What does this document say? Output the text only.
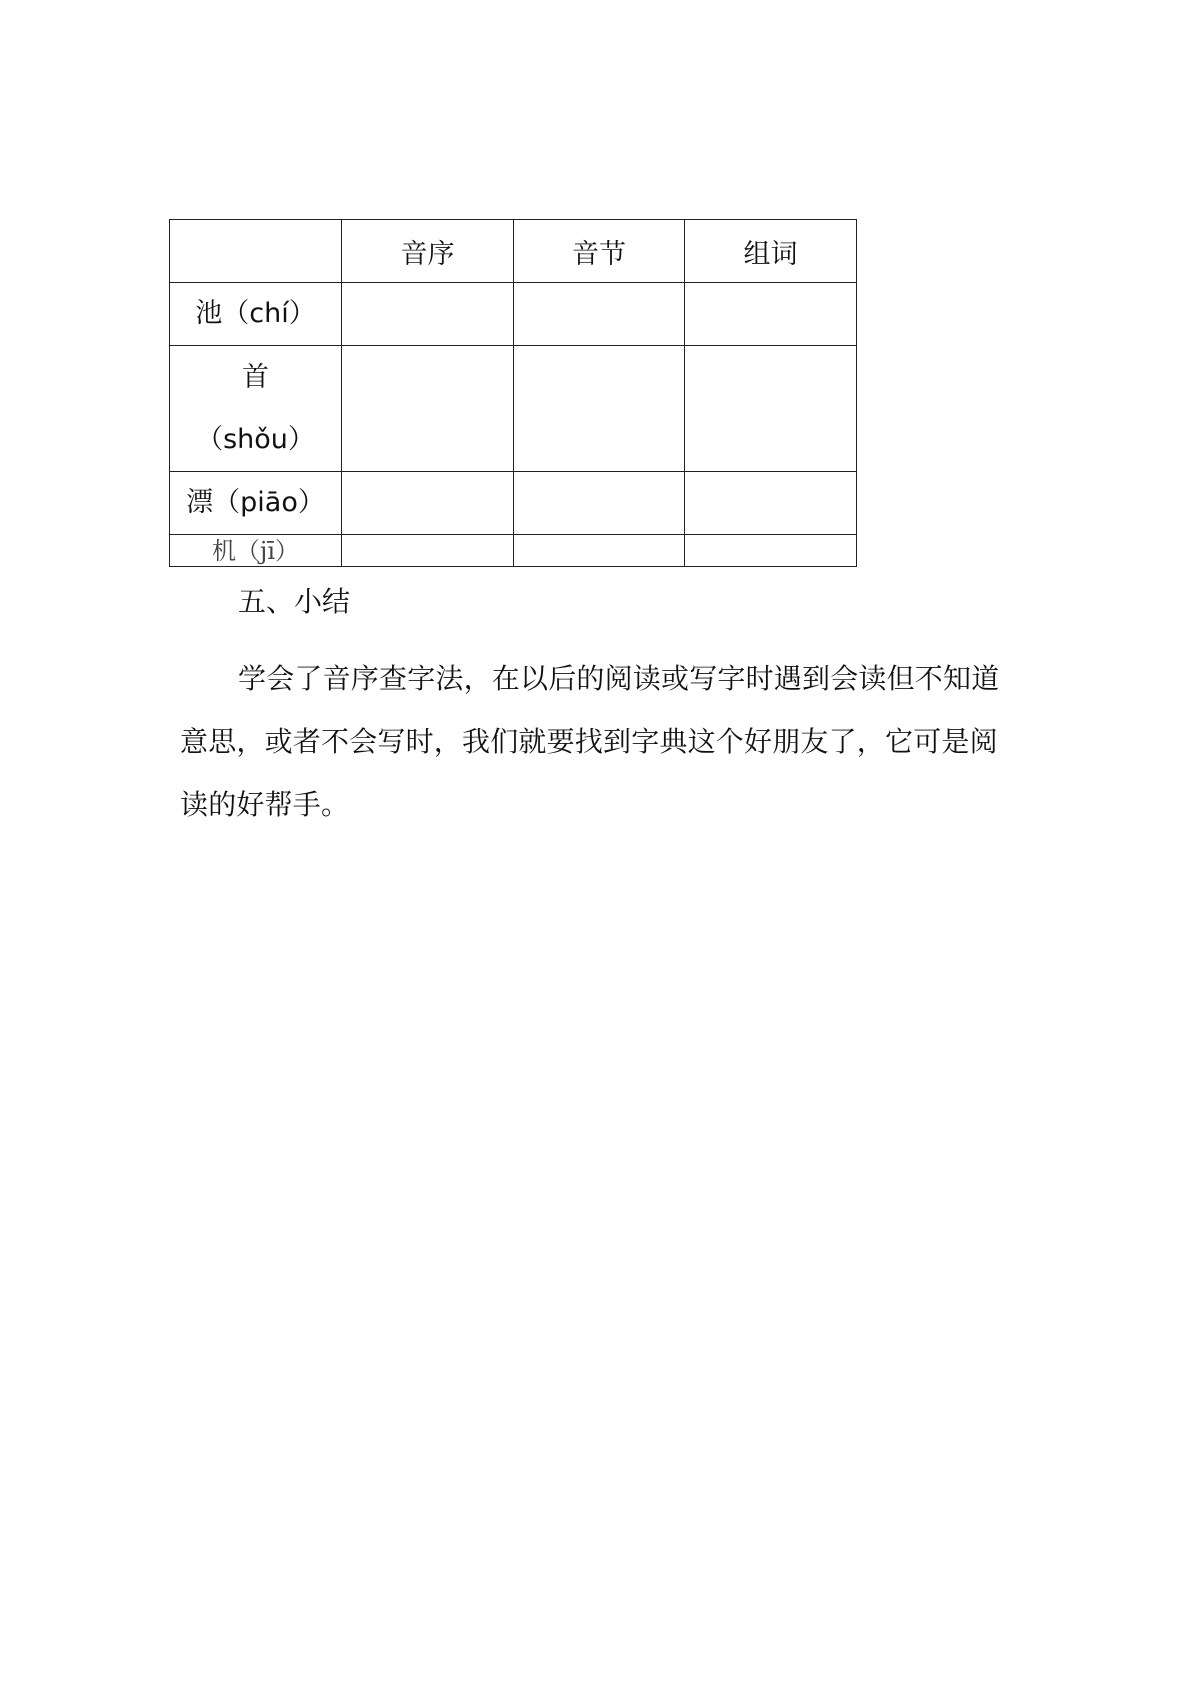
	音序	音节	组词

池（chí）			

首
（shǒu）			

漂（piāo）			

机（jī）			

五、小结

学会了音序查字法，在以后的阅读或写字时遇到会读但不知道意思，或者不会写时，我们就要找到字典这个好朋友了，它可是阅读的好帮手。
